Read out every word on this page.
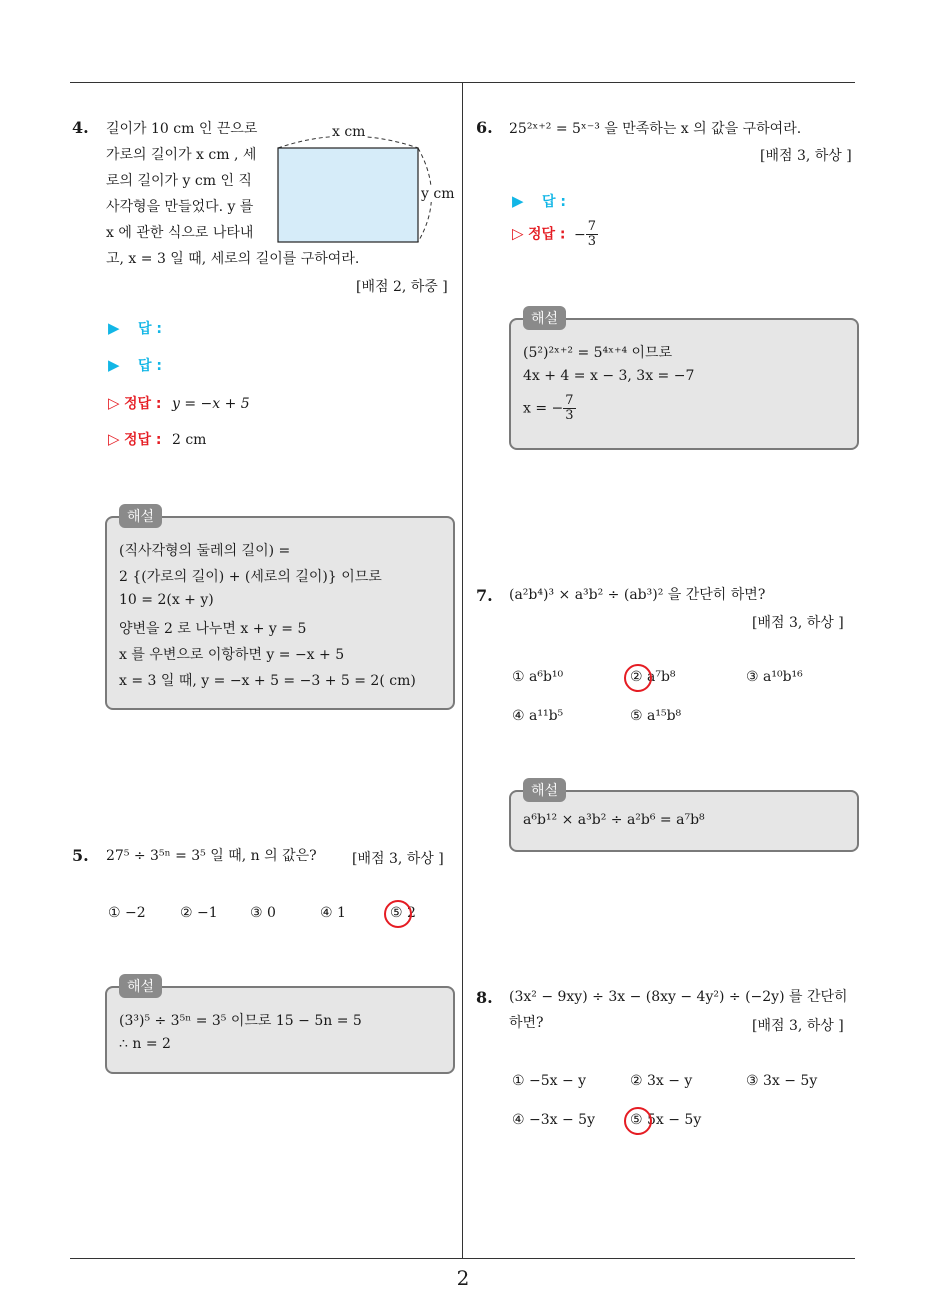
2
4. 길이가 10 cm 인 끈으로
가로의 길이가 x cm , 세
로의 길이가 y cm 인 직
사각형을 만들었다. y 를
x 에 관한 식으로 나타내
고, x = 3 일 때, 세로의 길이를 구하여라.
[배점 2, 하중 ]
x cm
y cm
▶ 답 :
▶ 답 :
▷ 정답 : y = −x + 5
▷ 정답 : 2 cm
해설
(직사각형의 둘레의 길이) =
2 {(가로의 길이) + (세로의 길이)} 이므로
10 = 2(x + y)
양변을 2 로 나누면 x + y = 5
x 를 우변으로 이항하면 y = −x + 5
x = 3 일 때, y = −x + 5 = −3 + 5 = 2( cm)
5. 27⁵ ÷ 3⁵ⁿ = 3⁵ 일 때, n 의 값은?	[배점 3, 하상 ]
① −2 ② −1 ③ 0	④ 1	⑤ 2
해설
(3³)⁵ ÷ 3⁵ⁿ = 3⁵ 이므로 15 − 5n = 5
∴ n = 2
6. 25²ˣ⁺² = 5ˣ⁻³ 을 만족하는 x 의 값을 구하여라.
[배점 3, 하상 ]
▶ 답 :
▷ 정답 : − $\frac{7}{3}$
해설
(5²)²ˣ⁺² = 5⁴ˣ⁺⁴ 이므로
4x + 4 = x − 3, 3x = −7
x = − $\frac{7}{3}$
7. (a²b⁴)³ × a³b² ÷ (ab³)² 을 간단히 하면?
[배점 3, 하상 ]
① a⁶b¹⁰	② a⁷b⁸	③ a¹⁰b¹⁶
④ a¹¹b⁵	⑤ a¹⁵b⁸
해설
a⁶b¹² × a³b² ÷ a²b⁶ = a⁷b⁸
8. (3x² − 9xy) ÷ 3x − (8xy − 4y²) ÷ (−2y) 를 간단히
하면?	[배점 3, 하상 ]
① −5x − y	② 3x − y	③ 3x − 5y
④ −3x − 5y	⑤ 5x − 5y
